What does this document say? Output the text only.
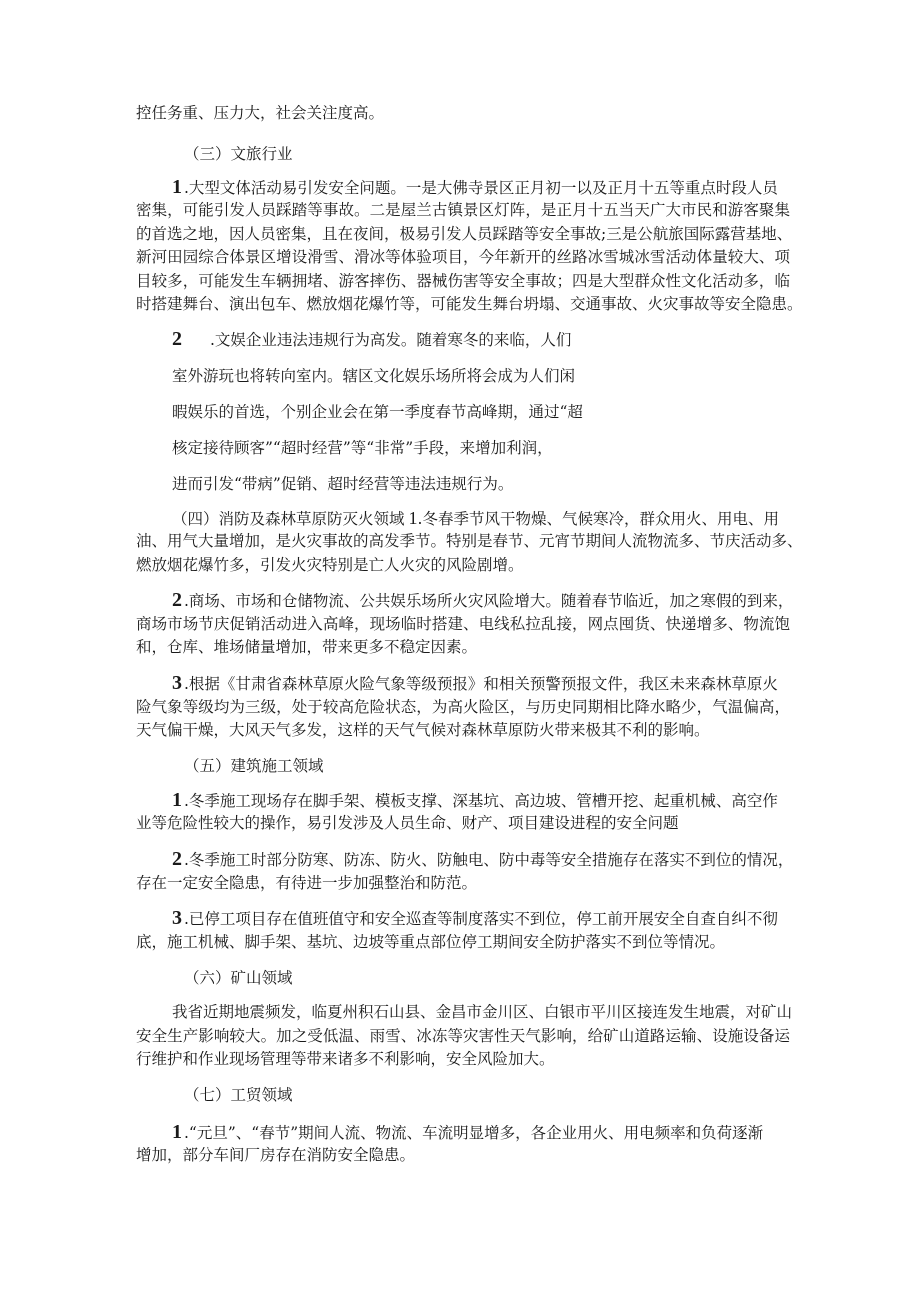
控任务重、压力大，社会关注度高。
（三）文旅行业
1 .大型文体活动易引发安全问题。一是大佛寺景区正月初一以及正月十五等重点时段人员
密集，可能引发人员踩踏等事故。二是屋兰古镇景区灯阵，是正月十五当天广大市民和游客聚集
的首选之地，因人员密集，且在夜间，极易引发人员踩踏等安全事故;三是公航旅国际露营基地、
新河田园综合体景区增设滑雪、滑冰等体验项目，今年新开的丝路冰雪城冰雪活动体量较大、项
目较多，可能发生车辆拥堵、游客摔伤、器械伤害等安全事故；四是大型群众性文化活动多，临
时搭建舞台、演出包车、燃放烟花爆竹等，可能发生舞台坍塌、交通事故、火灾事故等安全隐患。
2 .文娱企业违法违规行为高发。随着寒冬的来临，人们
室外游玩也将转向室内。辖区文化娱乐场所将会成为人们闲
暇娱乐的首选，个别企业会在第一季度春节高峰期，通过“超
核定接待顾客”“超时经营”等“非常”手段，来增加利润，
进而引发“带病”促销、超时经营等违法违规行为。
（四）消防及森林草原防灭火领域 1.冬春季节风干物燥、气候寒冷，群众用火、用电、用
油、用气大量增加，是火灾事故的高发季节。特别是春节、元宵节期间人流物流多、节庆活动多、
燃放烟花爆竹多，引发火灾特别是亡人火灾的风险剧增。
2 .商场、市场和仓储物流、公共娱乐场所火灾风险增大。随着春节临近，加之寒假的到来，
商场市场节庆促销活动进入高峰，现场临时搭建、电线私拉乱接，网点囤货、快递增多、物流饱
和，仓库、堆场储量增加，带来更多不稳定因素。
3 .根据《甘肃省森林草原火险气象等级预报》和相关预警预报文件，我区未来森林草原火
险气象等级均为三级，处于较高危险状态，为高火险区，与历史同期相比降水略少，气温偏高，
天气偏干燥，大风天气多发，这样的天气气候对森林草原防火带来极其不利的影响。
（五）建筑施工领域
1 .冬季施工现场存在脚手架、模板支撑、深基坑、高边坡、管槽开挖、起重机械、高空作
业等危险性较大的操作，易引发涉及人员生命、财产、项目建设进程的安全问题
2 .冬季施工时部分防寒、防冻、防火、防触电、防中毒等安全措施存在落实不到位的情况，
存在一定安全隐患，有待进一步加强整治和防范。
3 .已停工项目存在值班值守和安全巡查等制度落实不到位，停工前开展安全自查自纠不彻
底，施工机械、脚手架、基坑、边坡等重点部位停工期间安全防护落实不到位等情况。
（六）矿山领域
我省近期地震频发，临夏州积石山县、金昌市金川区、白银市平川区接连发生地震，对矿山
安全生产影响较大。加之受低温、雨雪、冰冻等灾害性天气影响，给矿山道路运输、设施设备运
行维护和作业现场管理等带来诸多不利影响，安全风险加大。
（七）工贸领域
1 .“元旦”、“春节”期间人流、物流、车流明显增多，各企业用火、用电频率和负荷逐渐
增加，部分车间厂房存在消防安全隐患。
